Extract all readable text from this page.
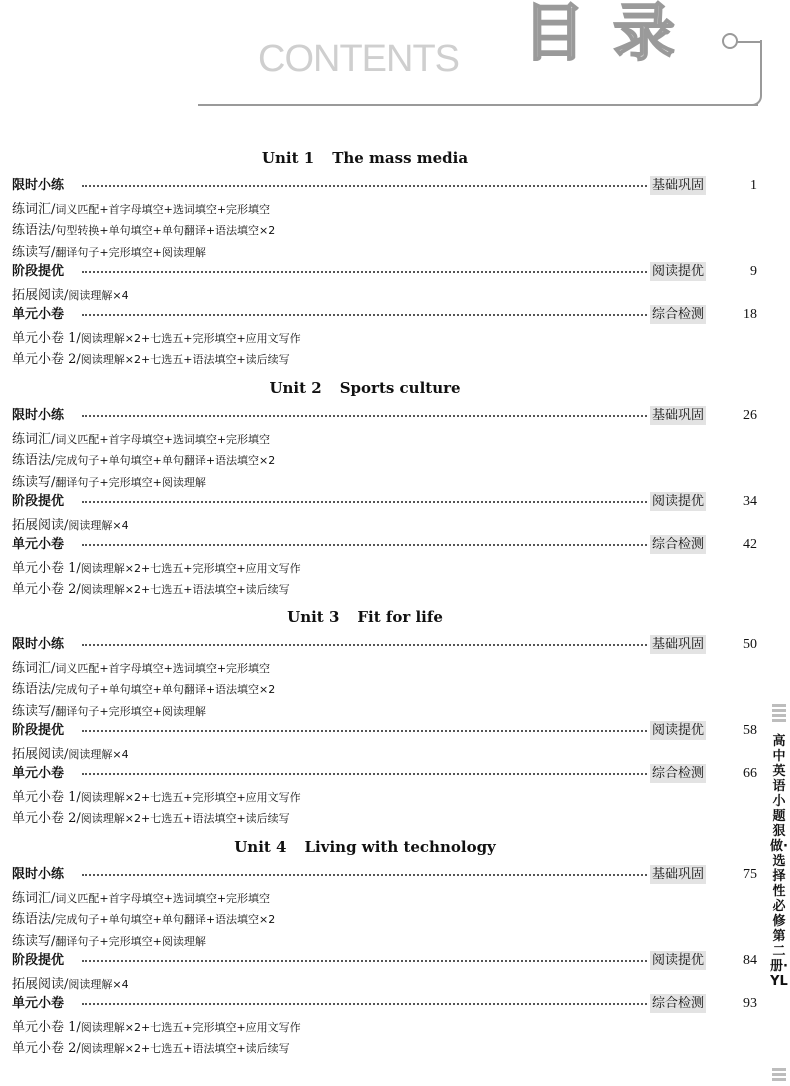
CONTENTS 目录
Unit 1 The mass media
限时小练	基础巩固	1
练词汇/词义匹配+首字母填空+选词填空+完形填空
练语法/句型转换+单句填空+单句翻译+语法填空×2
练读写/翻译句子+完形填空+阅读理解
阶段提优	阅读提优	9
拓展阅读/阅读理解×4
单元小卷	综合检测	18
单元小卷 1/阅读理解×2+七选五+完形填空+应用文写作
单元小卷 2/阅读理解×2+七选五+语法填空+读后续写
Unit 2 Sports culture
限时小练	基础巩固	26
练词汇/词义匹配+首字母填空+选词填空+完形填空
练语法/完成句子+单句填空+单句翻译+语法填空×2
练读写/翻译句子+完形填空+阅读理解
阶段提优	阅读提优	34
拓展阅读/阅读理解×4
单元小卷	综合检测	42
单元小卷 1/阅读理解×2+七选五+完形填空+应用文写作
单元小卷 2/阅读理解×2+七选五+语法填空+读后续写
Unit 3 Fit for life
限时小练	基础巩固	50
练词汇/词义匹配+首字母填空+选词填空+完形填空
练语法/完成句子+单句填空+单句翻译+语法填空×2
练读写/翻译句子+完形填空+阅读理解
阶段提优	阅读提优	58
拓展阅读/阅读理解×4
单元小卷	综合检测	66
单元小卷 1/阅读理解×2+七选五+完形填空+应用文写作
单元小卷 2/阅读理解×2+七选五+语法填空+读后续写
Unit 4 Living with technology
限时小练	基础巩固	75
练词汇/词义匹配+首字母填空+选词填空+完形填空
练语法/完成句子+单句填空+单句翻译+语法填空×2
练读写/翻译句子+完形填空+阅读理解
阶段提优	阅读提优	84
拓展阅读/阅读理解×4
单元小卷	综合检测	93
单元小卷 1/阅读理解×2+七选五+完形填空+应用文写作
单元小卷 2/阅读理解×2+七选五+语法填空+读后续写
高中英语小题狠做·选择性必修第二册·YL
